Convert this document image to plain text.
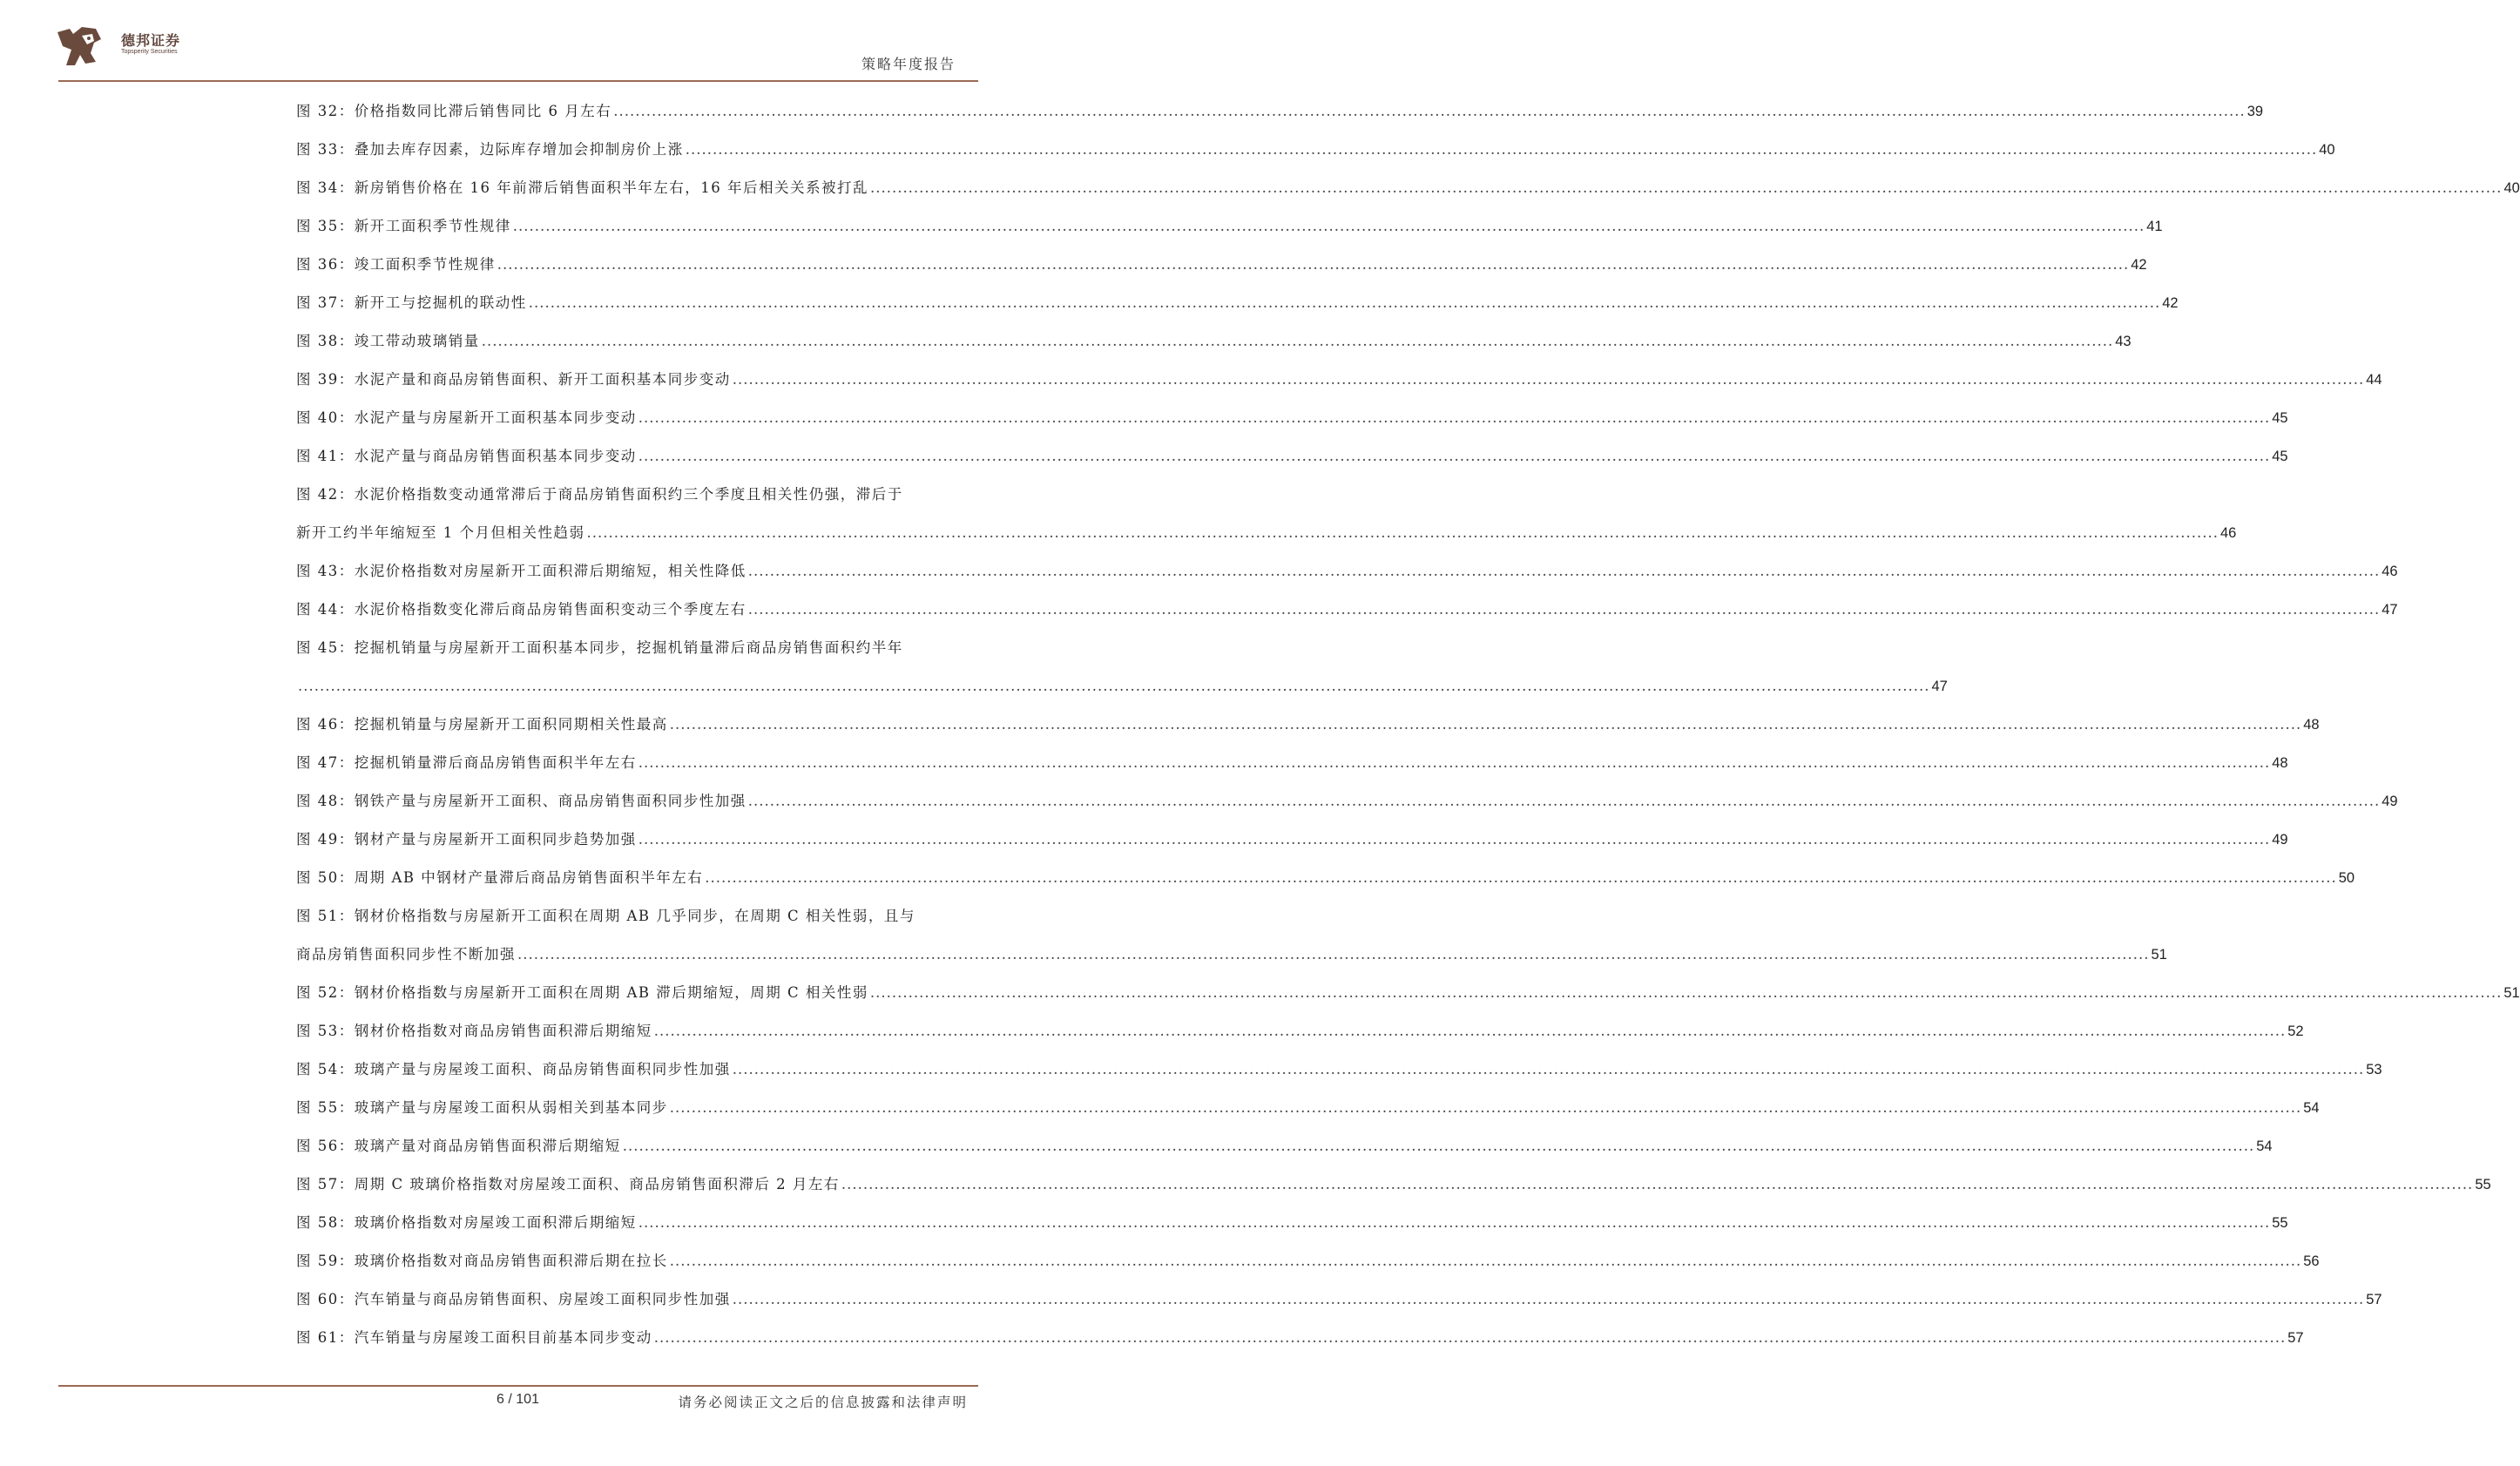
德邦证券
Topsperity Securities
策略年度报告
图 32：价格指数同比滞后销售同比 6 月左右 ............................................................................................................................................................................................................................................................................................................ 39
图 33：叠加去库存因素，边际库存增加会抑制房价上涨 ............................................................................................................................................................................................................................................................................................................ 40
图 34：新房销售价格在 16 年前滞后销售面积半年左右，16 年后相关关系被打乱 ............................................................................................................................................................................................................................................................................................................ 40
图 35：新开工面积季节性规律 ............................................................................................................................................................................................................................................................................................................ 41
图 36：竣工面积季节性规律 ............................................................................................................................................................................................................................................................................................................ 42
图 37：新开工与挖掘机的联动性 ............................................................................................................................................................................................................................................................................................................ 42
图 38：竣工带动玻璃销量 ............................................................................................................................................................................................................................................................................................................ 43
图 39：水泥产量和商品房销售面积、新开工面积基本同步变动 ............................................................................................................................................................................................................................................................................................................ 44
图 40：水泥产量与房屋新开工面积基本同步变动 ............................................................................................................................................................................................................................................................................................................ 45
图 41：水泥产量与商品房销售面积基本同步变动 ............................................................................................................................................................................................................................................................................................................ 45
图 42：水泥价格指数变动通常滞后于商品房销售面积约三个季度且相关性仍强，滞后于
新开工约半年缩短至 1 个月但相关性趋弱 ............................................................................................................................................................................................................................................................................................................ 46
图 43：水泥价格指数对房屋新开工面积滞后期缩短，相关性降低 ............................................................................................................................................................................................................................................................................................................ 46
图 44：水泥价格指数变化滞后商品房销售面积变动三个季度左右 ............................................................................................................................................................................................................................................................................................................ 47
图 45：挖掘机销量与房屋新开工面积基本同步，挖掘机销量滞后商品房销售面积约半年
............................................................................................................................................................................................................................................................................................................ 47
图 46：挖掘机销量与房屋新开工面积同期相关性最高 ............................................................................................................................................................................................................................................................................................................ 48
图 47：挖掘机销量滞后商品房销售面积半年左右 ............................................................................................................................................................................................................................................................................................................ 48
图 48：钢铁产量与房屋新开工面积、商品房销售面积同步性加强 ............................................................................................................................................................................................................................................................................................................ 49
图 49：钢材产量与房屋新开工面积同步趋势加强 ............................................................................................................................................................................................................................................................................................................ 49
图 50：周期 AB 中钢材产量滞后商品房销售面积半年左右 ............................................................................................................................................................................................................................................................................................................ 50
图 51：钢材价格指数与房屋新开工面积在周期 AB 几乎同步，在周期 C 相关性弱，且与
商品房销售面积同步性不断加强 ............................................................................................................................................................................................................................................................................................................ 51
图 52：钢材价格指数与房屋新开工面积在周期 AB 滞后期缩短，周期 C 相关性弱 ............................................................................................................................................................................................................................................................................................................ 51
图 53：钢材价格指数对商品房销售面积滞后期缩短 ............................................................................................................................................................................................................................................................................................................ 52
图 54：玻璃产量与房屋竣工面积、商品房销售面积同步性加强 ............................................................................................................................................................................................................................................................................................................ 53
图 55：玻璃产量与房屋竣工面积从弱相关到基本同步 ............................................................................................................................................................................................................................................................................................................ 54
图 56：玻璃产量对商品房销售面积滞后期缩短 ............................................................................................................................................................................................................................................................................................................ 54
图 57：周期 C 玻璃价格指数对房屋竣工面积、商品房销售面积滞后 2 月左右 ............................................................................................................................................................................................................................................................................................................ 55
图 58：玻璃价格指数对房屋竣工面积滞后期缩短 ............................................................................................................................................................................................................................................................................................................ 55
图 59：玻璃价格指数对商品房销售面积滞后期在拉长 ............................................................................................................................................................................................................................................................................................................ 56
图 60：汽车销量与商品房销售面积、房屋竣工面积同步性加强 ............................................................................................................................................................................................................................................................................................................ 57
图 61：汽车销量与房屋竣工面积目前基本同步变动 ............................................................................................................................................................................................................................................................................................................ 57
6 / 101	请务必阅读正文之后的信息披露和法律声明
